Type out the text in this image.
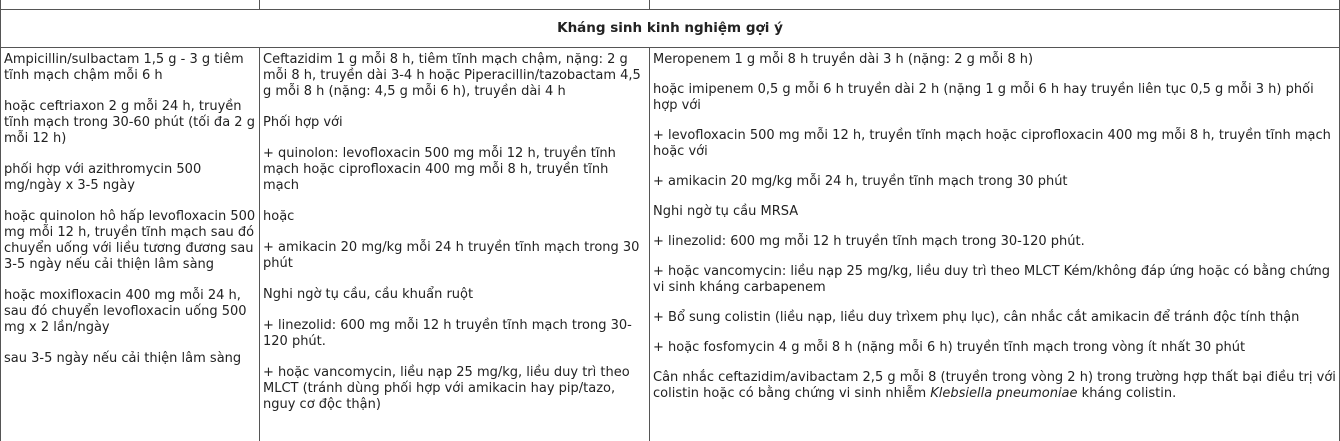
Kháng sinh kinh nghiệm gợi ý

Ampicillin/sulbactam 1,5 g - 3 g tiêm tĩnh mạch chậm mỗi 6 h

hoặc ceftriaxon 2 g mỗi 24 h, truyền tĩnh mạch trong 30-60 phút (tối đa 2 g mỗi 12 h)

phối hợp với azithromycin 500 mg/ngày x 3-5 ngày

hoặc quinolon hô hấp levofloxacin 500 mg mỗi 12 h, truyền tĩnh mạch sau đó chuyển uống với liều tương đương sau 3-5 ngày nếu cải thiện lâm sàng

hoặc moxifloxacin 400 mg mỗi 24 h, sau đó chuyển levofloxacin uống 500 mg x 2 lần/ngày

sau 3-5 ngày nếu cải thiện lâm sàng

Ceftazidim 1 g mỗi 8 h, tiêm tĩnh mạch chậm, nặng: 2 g mỗi 8 h, truyền dài 3-4 h hoặc Piperacillin/tazobactam 4,5 g mỗi 8 h (nặng: 4,5 g mỗi 6 h), truyền dài 4 h

Phối hợp với

+ quinolon: levofloxacin 500 mg mỗi 12 h, truyền tĩnh mạch hoặc ciprofloxacin 400 mg mỗi 8 h, truyền tĩnh mạch

hoặc

+ amikacin 20 mg/kg mỗi 24 h truyền tĩnh mạch trong 30 phút

Nghi ngờ tụ cầu, cầu khuẩn ruột

+ linezolid: 600 mg mỗi 12 h truyền tĩnh mạch trong 30-120 phút.

+ hoặc vancomycin, liều nạp 25 mg/kg, liều duy trì theo MLCT (tránh dùng phối hợp với amikacin hay pip/tazo, nguy cơ độc thận)

Meropenem 1 g mỗi 8 h truyền dài 3 h (nặng: 2 g mỗi 8 h)

hoặc imipenem 0,5 g mỗi 6 h truyền dài 2 h (nặng 1 g mỗi 6 h hay truyền liên tục 0,5 g mỗi 3 h) phối hợp với

+ levofloxacin 500 mg mỗi 12 h, truyền tĩnh mạch hoặc ciprofloxacin 400 mg mỗi 8 h, truyền tĩnh mạch hoặc với

+ amikacin 20 mg/kg mỗi 24 h, truyền tĩnh mạch trong 30 phút

Nghi ngờ tụ cầu MRSA

+ linezolid: 600 mg mỗi 12 h truyền tĩnh mạch trong 30-120 phút.

+ hoặc vancomycin: liều nạp 25 mg/kg, liều duy trì theo MLCT Kém/không đáp ứng hoặc có bằng chứng vi sinh kháng carbapenem

+ Bổ sung colistin (liều nạp, liều duy trìxem phụ lục), cân nhắc cắt amikacin để tránh độc tính thận

+ hoặc fosfomycin 4 g mỗi 8 h (nặng mỗi 6 h) truyền tĩnh mạch trong vòng ít nhất 30 phút

Cân nhắc ceftazidim/avibactam 2,5 g mỗi 8 (truyền trong vòng 2 h) trong trường hợp thất bại điều trị với colistin hoặc có bằng chứng vi sinh nhiễm Klebsiella pneumoniae kháng colistin.
